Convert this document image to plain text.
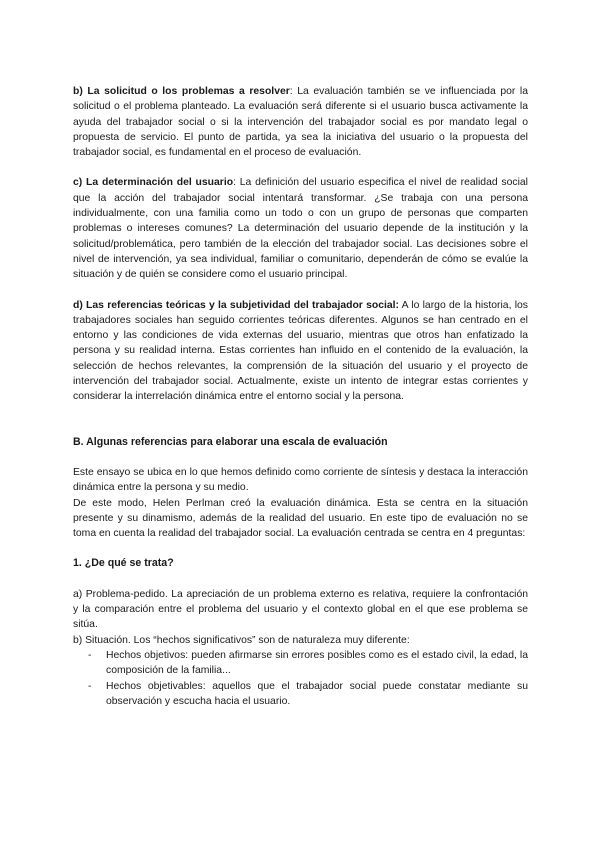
b) La solicitud o los problemas a resolver: La evaluación también se ve influenciada por la solicitud o el problema planteado. La evaluación será diferente si el usuario busca activamente la ayuda del trabajador social o si la intervención del trabajador social es por mandato legal o propuesta de servicio. El punto de partida, ya sea la iniciativa del usuario o la propuesta del trabajador social, es fundamental en el proceso de evaluación.

c) La determinación del usuario: La definición del usuario especifica el nivel de realidad social que la acción del trabajador social intentará transformar. ¿Se trabaja con una persona individualmente, con una familia como un todo o con un grupo de personas que comparten problemas o intereses comunes? La determinación del usuario depende de la institución y la solicitud/problemática, pero también de la elección del trabajador social. Las decisiones sobre el nivel de intervención, ya sea individual, familiar o comunitario, dependerán de cómo se evalúe la situación y de quién se considere como el usuario principal.

d) Las referencias teóricas y la subjetividad del trabajador social: A lo largo de la historia, los trabajadores sociales han seguido corrientes teóricas diferentes. Algunos se han centrado en el entorno y las condiciones de vida externas del usuario, mientras que otros han enfatizado la persona y su realidad interna. Estas corrientes han influido en el contenido de la evaluación, la selección de hechos relevantes, la comprensión de la situación del usuario y el proyecto de intervención del trabajador social. Actualmente, existe un intento de integrar estas corrientes y considerar la interrelación dinámica entre el entorno social y la persona.

B. Algunas referencias para elaborar una escala de evaluación

Este ensayo se ubica en lo que hemos definido como corriente de síntesis y destaca la interacción dinámica entre la persona y su medio.

De este modo, Helen Perlman creó la evaluación dinámica. Esta se centra en la situación presente y su dinamismo, además de la realidad del usuario. En este tipo de evaluación no se toma en cuenta la realidad del trabajador social. La evaluación centrada se centra en 4 preguntas:

1. ¿De qué se trata?

a) Problema-pedido. La apreciación de un problema externo es relativa, requiere la confrontación y la comparación entre el problema del usuario y el contexto global en el que ese problema se sitúa.

b) Situación. Los “hechos significativos” son de naturaleza muy diferente:

- Hechos objetivos: pueden afirmarse sin errores posibles como es el estado civil, la edad, la composición de la familia...
- Hechos objetivables: aquellos que el trabajador social puede constatar mediante su observación y escucha hacia el usuario.
